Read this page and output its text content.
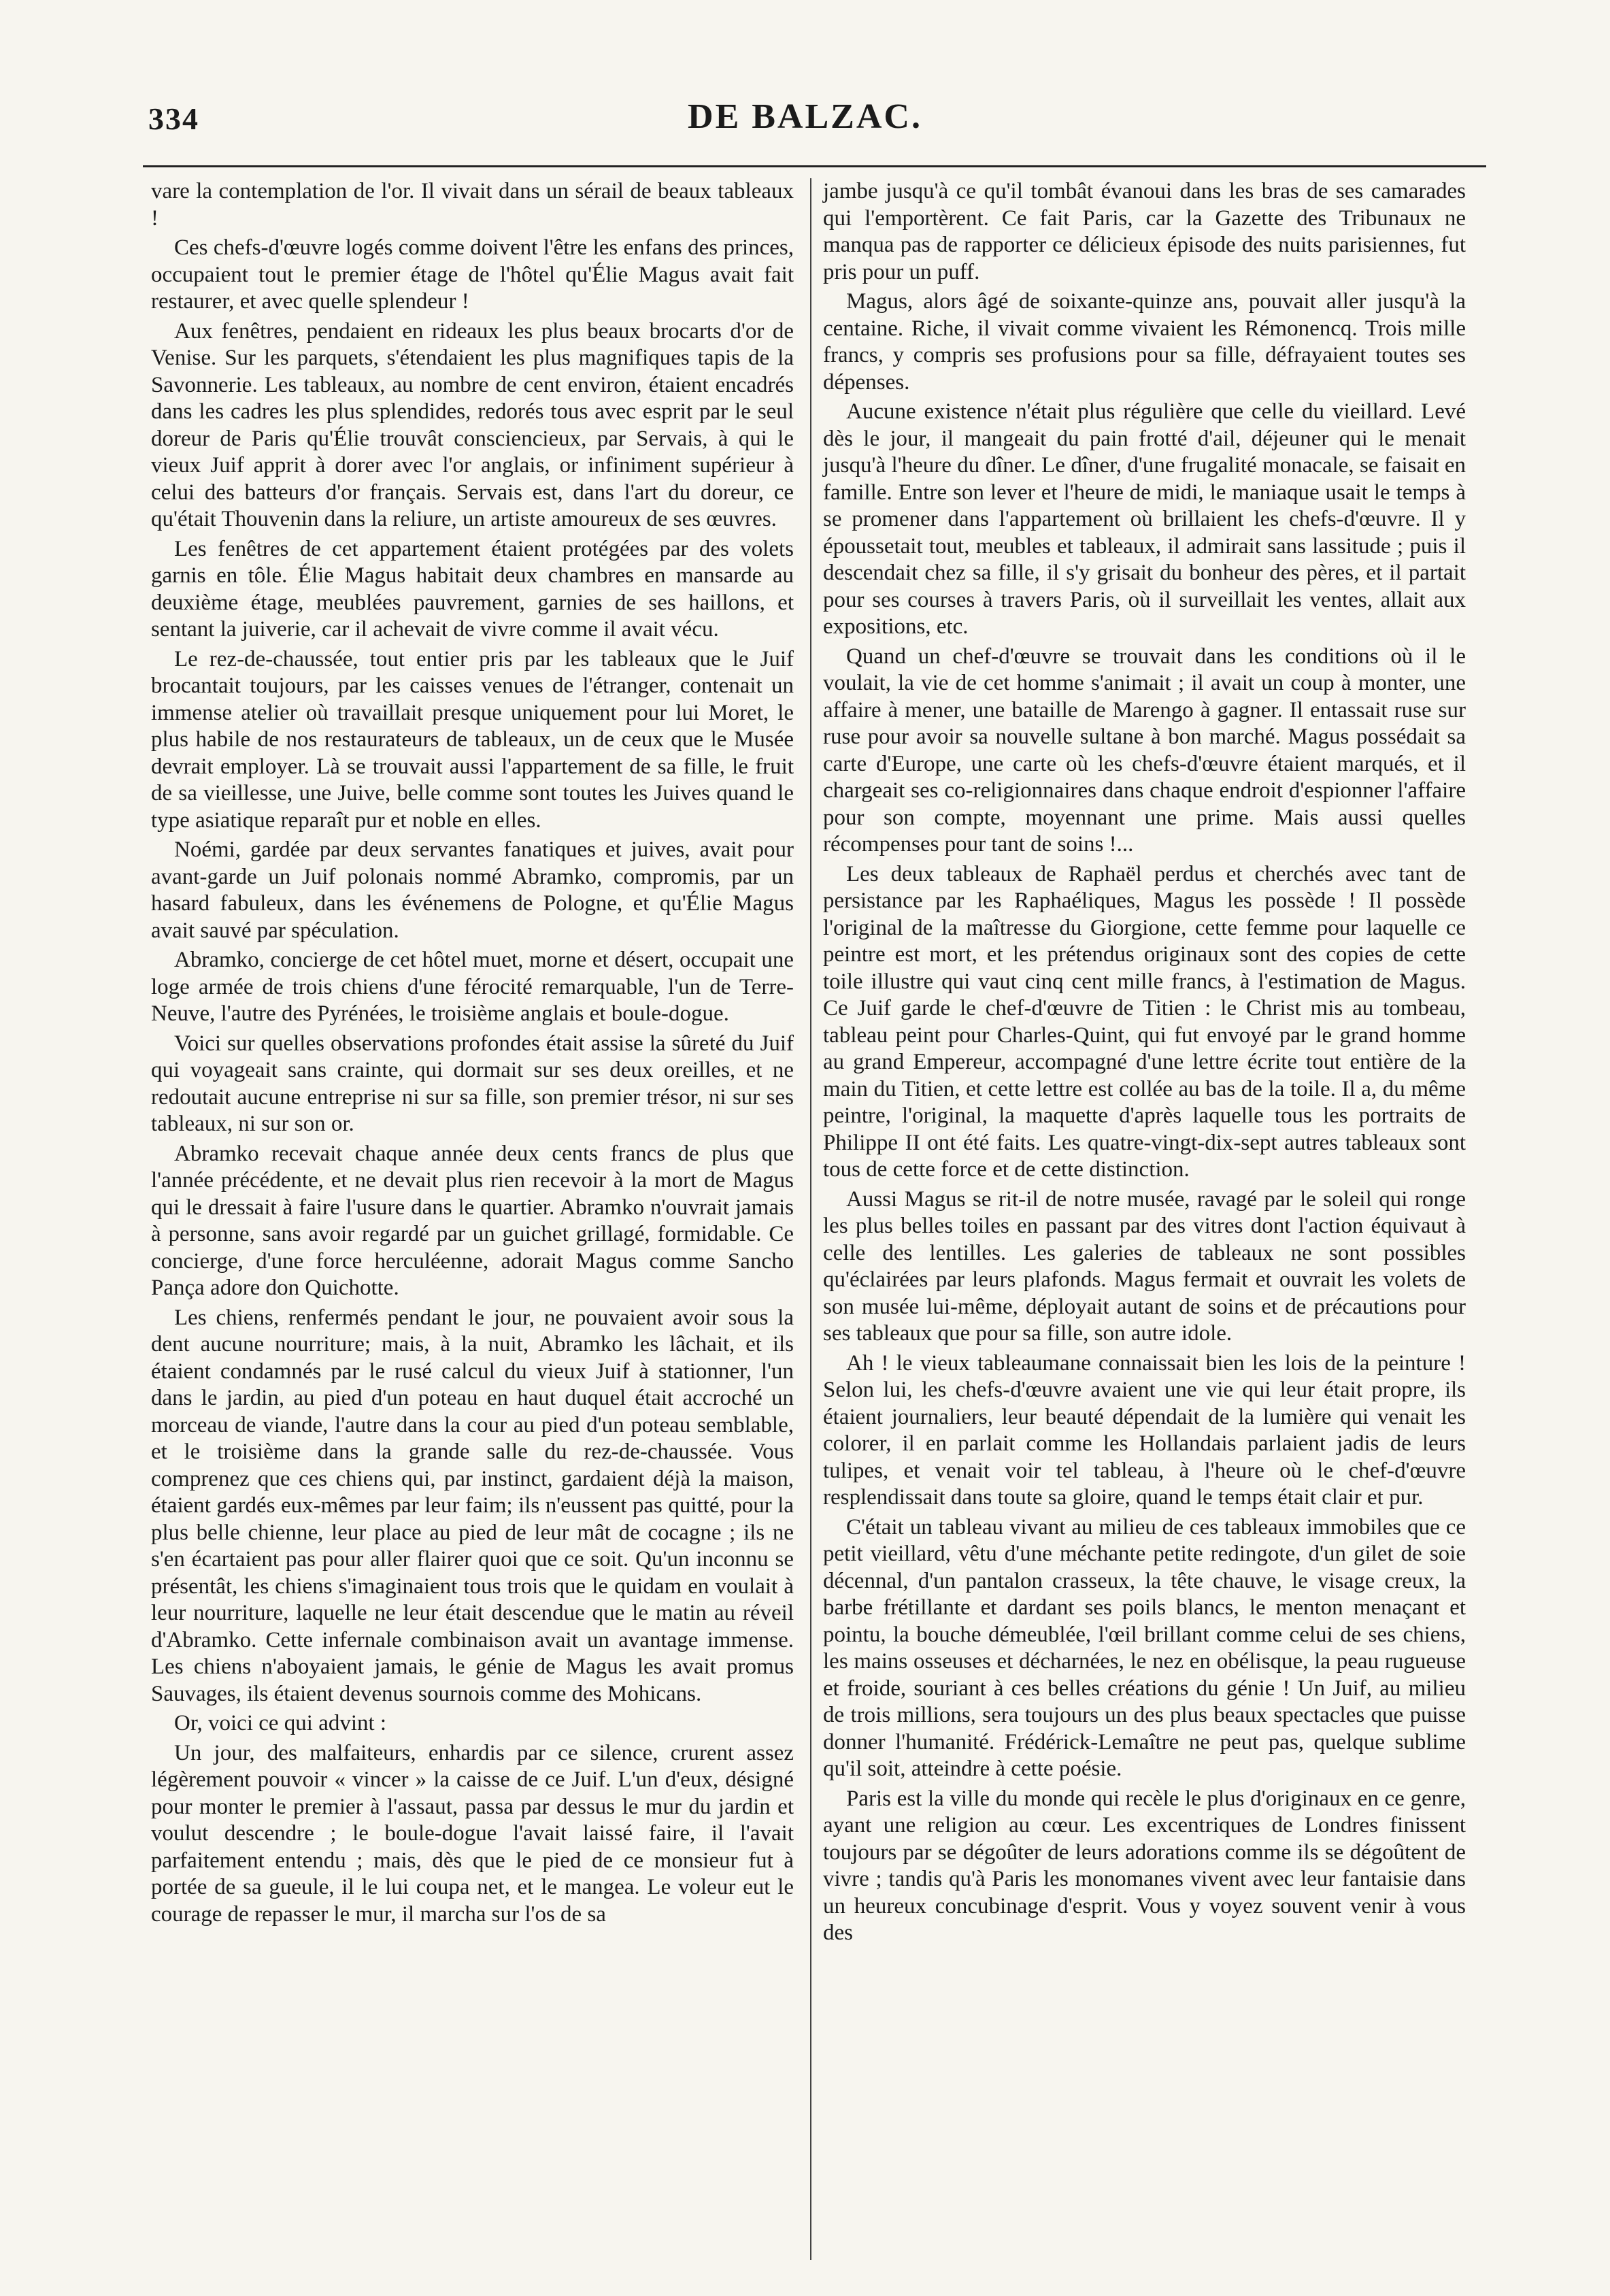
334	DE BALZAC.

vare la contemplation de l'or. Il vivait dans un sérail de beaux tableaux !

Ces chefs-d'œuvre logés comme doivent l'être les enfans des princes, occupaient tout le premier étage de l'hôtel qu'Élie Magus avait fait restaurer, et avec quelle splendeur !

Aux fenêtres, pendaient en rideaux les plus beaux brocarts d'or de Venise. Sur les parquets, s'étendaient les plus magnifiques tapis de la Savonnerie. Les tableaux, au nombre de cent environ, étaient encadrés dans les cadres les plus splendides, redorés tous avec esprit par le seul doreur de Paris qu'Élie trouvât consciencieux, par Servais, à qui le vieux Juif apprit à dorer avec l'or anglais, or infiniment supérieur à celui des batteurs d'or français. Servais est, dans l'art du doreur, ce qu'était Thouvenin dans la reliure, un artiste amoureux de ses œuvres.

Les fenêtres de cet appartement étaient protégées par des volets garnis en tôle. Élie Magus habitait deux chambres en mansarde au deuxième étage, meublées pauvrement, garnies de ses haillons, et sentant la juiverie, car il achevait de vivre comme il avait vécu.

Le rez-de-chaussée, tout entier pris par les tableaux que le Juif brocantait toujours, par les caisses venues de l'étranger, contenait un immense atelier où travaillait presque uniquement pour lui Moret, le plus habile de nos restaurateurs de tableaux, un de ceux que le Musée devrait employer. Là se trouvait aussi l'appartement de sa fille, le fruit de sa vieillesse, une Juive, belle comme sont toutes les Juives quand le type asiatique reparaît pur et noble en elles.

Noémi, gardée par deux servantes fanatiques et juives, avait pour avant-garde un Juif polonais nommé Abramko, compromis, par un hasard fabuleux, dans les événemens de Pologne, et qu'Élie Magus avait sauvé par spéculation.

Abramko, concierge de cet hôtel muet, morne et désert, occupait une loge armée de trois chiens d'une férocité remarquable, l'un de Terre-Neuve, l'autre des Pyrénées, le troisième anglais et boule-dogue.

Voici sur quelles observations profondes était assise la sûreté du Juif qui voyageait sans crainte, qui dormait sur ses deux oreilles, et ne redoutait aucune entreprise ni sur sa fille, son premier trésor, ni sur ses tableaux, ni sur son or.

Abramko recevait chaque année deux cents francs de plus que l'année précédente, et ne devait plus rien recevoir à la mort de Magus qui le dressait à faire l'usure dans le quartier. Abramko n'ouvrait jamais à personne, sans avoir regardé par un guichet grillagé, formidable. Ce concierge, d'une force herculéenne, adorait Magus comme Sancho Pança adore don Quichotte.

Les chiens, renfermés pendant le jour, ne pouvaient avoir sous la dent aucune nourriture; mais, à la nuit, Abramko les lâchait, et ils étaient condamnés par le rusé calcul du vieux Juif à stationner, l'un dans le jardin, au pied d'un poteau en haut duquel était accroché un morceau de viande, l'autre dans la cour au pied d'un poteau semblable, et le troisième dans la grande salle du rez-de-chaussée. Vous comprenez que ces chiens qui, par instinct, gardaient déjà la maison, étaient gardés eux-mêmes par leur faim; ils n'eussent pas quitté, pour la plus belle chienne, leur place au pied de leur mât de cocagne ; ils ne s'en écartaient pas pour aller flairer quoi que ce soit. Qu'un inconnu se présentât, les chiens s'imaginaient tous trois que le quidam en voulait à leur nourriture, laquelle ne leur était descendue que le matin au réveil d'Abramko. Cette infernale combinaison avait un avantage immense. Les chiens n'aboyaient jamais, le génie de Magus les avait promus Sauvages, ils étaient devenus sournois comme des Mohicans.

Or, voici ce qui advint :

Un jour, des malfaiteurs, enhardis par ce silence, crurent assez légèrement pouvoir « vincer » la caisse de ce Juif. L'un d'eux, désigné pour monter le premier à l'assaut, passa par dessus le mur du jardin et voulut descendre ; le boule-dogue l'avait laissé faire, il l'avait parfaitement entendu ; mais, dès que le pied de ce monsieur fut à portée de sa gueule, il le lui coupa net, et le mangea. Le voleur eut le courage de repasser le mur, il marcha sur l'os de sa

jambe jusqu'à ce qu'il tombât évanoui dans les bras de ses camarades qui l'emportèrent. Ce fait Paris, car la Gazette des Tribunaux ne manqua pas de rapporter ce délicieux épisode des nuits parisiennes, fut pris pour un puff.

Magus, alors âgé de soixante-quinze ans, pouvait aller jusqu'à la centaine. Riche, il vivait comme vivaient les Rémonencq. Trois mille francs, y compris ses profusions pour sa fille, défrayaient toutes ses dépenses.

Aucune existence n'était plus régulière que celle du vieillard. Levé dès le jour, il mangeait du pain frotté d'ail, déjeuner qui le menait jusqu'à l'heure du dîner. Le dîner, d'une frugalité monacale, se faisait en famille. Entre son lever et l'heure de midi, le maniaque usait le temps à se promener dans l'appartement où brillaient les chefs-d'œuvre. Il y époussetait tout, meubles et tableaux, il admirait sans lassitude ; puis il descendait chez sa fille, il s'y grisait du bonheur des pères, et il partait pour ses courses à travers Paris, où il surveillait les ventes, allait aux expositions, etc.

Quand un chef-d'œuvre se trouvait dans les conditions où il le voulait, la vie de cet homme s'animait ; il avait un coup à monter, une affaire à mener, une bataille de Marengo à gagner. Il entassait ruse sur ruse pour avoir sa nouvelle sultane à bon marché. Magus possédait sa carte d'Europe, une carte où les chefs-d'œuvre étaient marqués, et il chargeait ses co-religionnaires dans chaque endroit d'espionner l'affaire pour son compte, moyennant une prime. Mais aussi quelles récompenses pour tant de soins !...

Les deux tableaux de Raphaël perdus et cherchés avec tant de persistance par les Raphaéliques, Magus les possède ! Il possède l'original de la maîtresse du Giorgione, cette femme pour laquelle ce peintre est mort, et les prétendus originaux sont des copies de cette toile illustre qui vaut cinq cent mille francs, à l'estimation de Magus. Ce Juif garde le chef-d'œuvre de Titien : le Christ mis au tombeau, tableau peint pour Charles-Quint, qui fut envoyé par le grand homme au grand Empereur, accompagné d'une lettre écrite tout entière de la main du Titien, et cette lettre est collée au bas de la toile. Il a, du même peintre, l'original, la maquette d'après laquelle tous les portraits de Philippe II ont été faits. Les quatre-vingt-dix-sept autres tableaux sont tous de cette force et de cette distinction.

Aussi Magus se rit-il de notre musée, ravagé par le soleil qui ronge les plus belles toiles en passant par des vitres dont l'action équivaut à celle des lentilles. Les galeries de tableaux ne sont possibles qu'éclairées par leurs plafonds. Magus fermait et ouvrait les volets de son musée lui-même, déployait autant de soins et de précautions pour ses tableaux que pour sa fille, son autre idole.

Ah ! le vieux tableaumane connaissait bien les lois de la peinture ! Selon lui, les chefs-d'œuvre avaient une vie qui leur était propre, ils étaient journaliers, leur beauté dépendait de la lumière qui venait les colorer, il en parlait comme les Hollandais parlaient jadis de leurs tulipes, et venait voir tel tableau, à l'heure où le chef-d'œuvre resplendissait dans toute sa gloire, quand le temps était clair et pur.

C'était un tableau vivant au milieu de ces tableaux immobiles que ce petit vieillard, vêtu d'une méchante petite redingote, d'un gilet de soie décennal, d'un pantalon crasseux, la tête chauve, le visage creux, la barbe frétillante et dardant ses poils blancs, le menton menaçant et pointu, la bouche démeublée, l'œil brillant comme celui de ses chiens, les mains osseuses et décharnées, le nez en obélisque, la peau rugueuse et froide, souriant à ces belles créations du génie ! Un Juif, au milieu de trois millions, sera toujours un des plus beaux spectacles que puisse donner l'humanité. Frédérick-Lemaître ne peut pas, quelque sublime qu'il soit, atteindre à cette poésie.

Paris est la ville du monde qui recèle le plus d'originaux en ce genre, ayant une religion au cœur. Les excentriques de Londres finissent toujours par se dégoûter de leurs adorations comme ils se dégoûtent de vivre ; tandis qu'à Paris les monomanes vivent avec leur fantaisie dans un heureux concubinage d'esprit. Vous y voyez souvent venir à vous des
